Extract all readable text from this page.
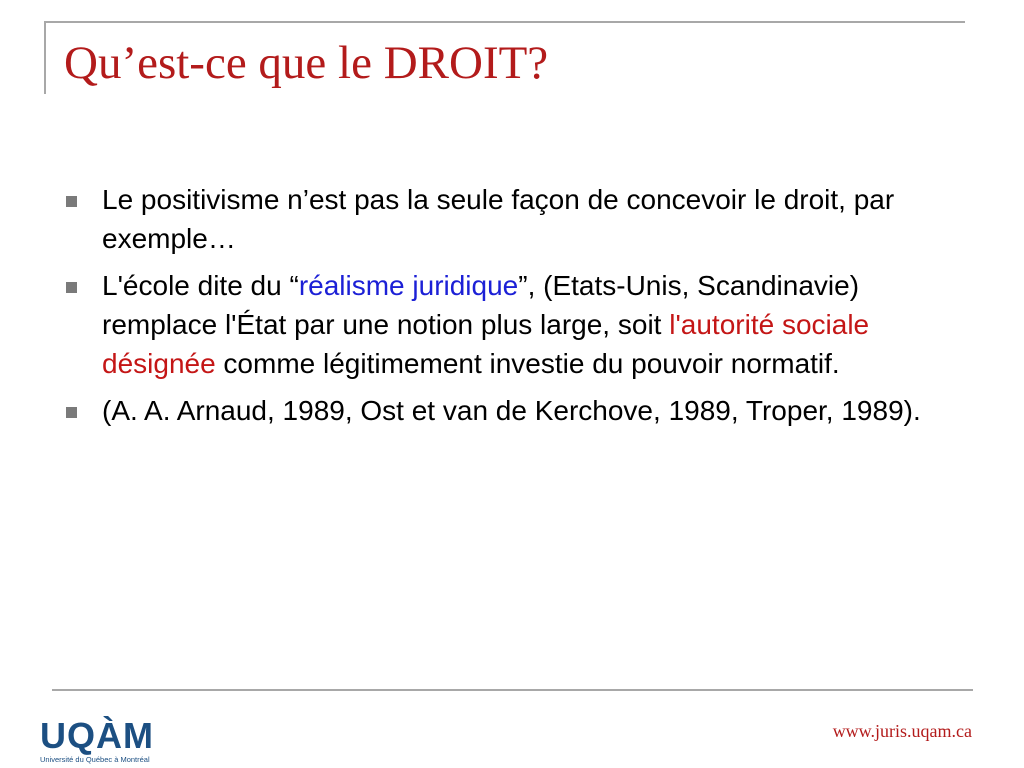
Qu’est-ce que le DROIT?
Le positivisme n’est pas la seule façon de concevoir le droit, par exemple…
L'école dite du “réalisme juridique”, (Etats-Unis, Scandinavie) remplace l'État par une notion plus large, soit l'autorité sociale désignée comme légitimement investie du pouvoir normatif.
(A. A. Arnaud, 1989, Ost et van de Kerchove, 1989, Troper, 1989).
UQÀM
Université du Québec à Montréal
www.juris.uqam.ca
